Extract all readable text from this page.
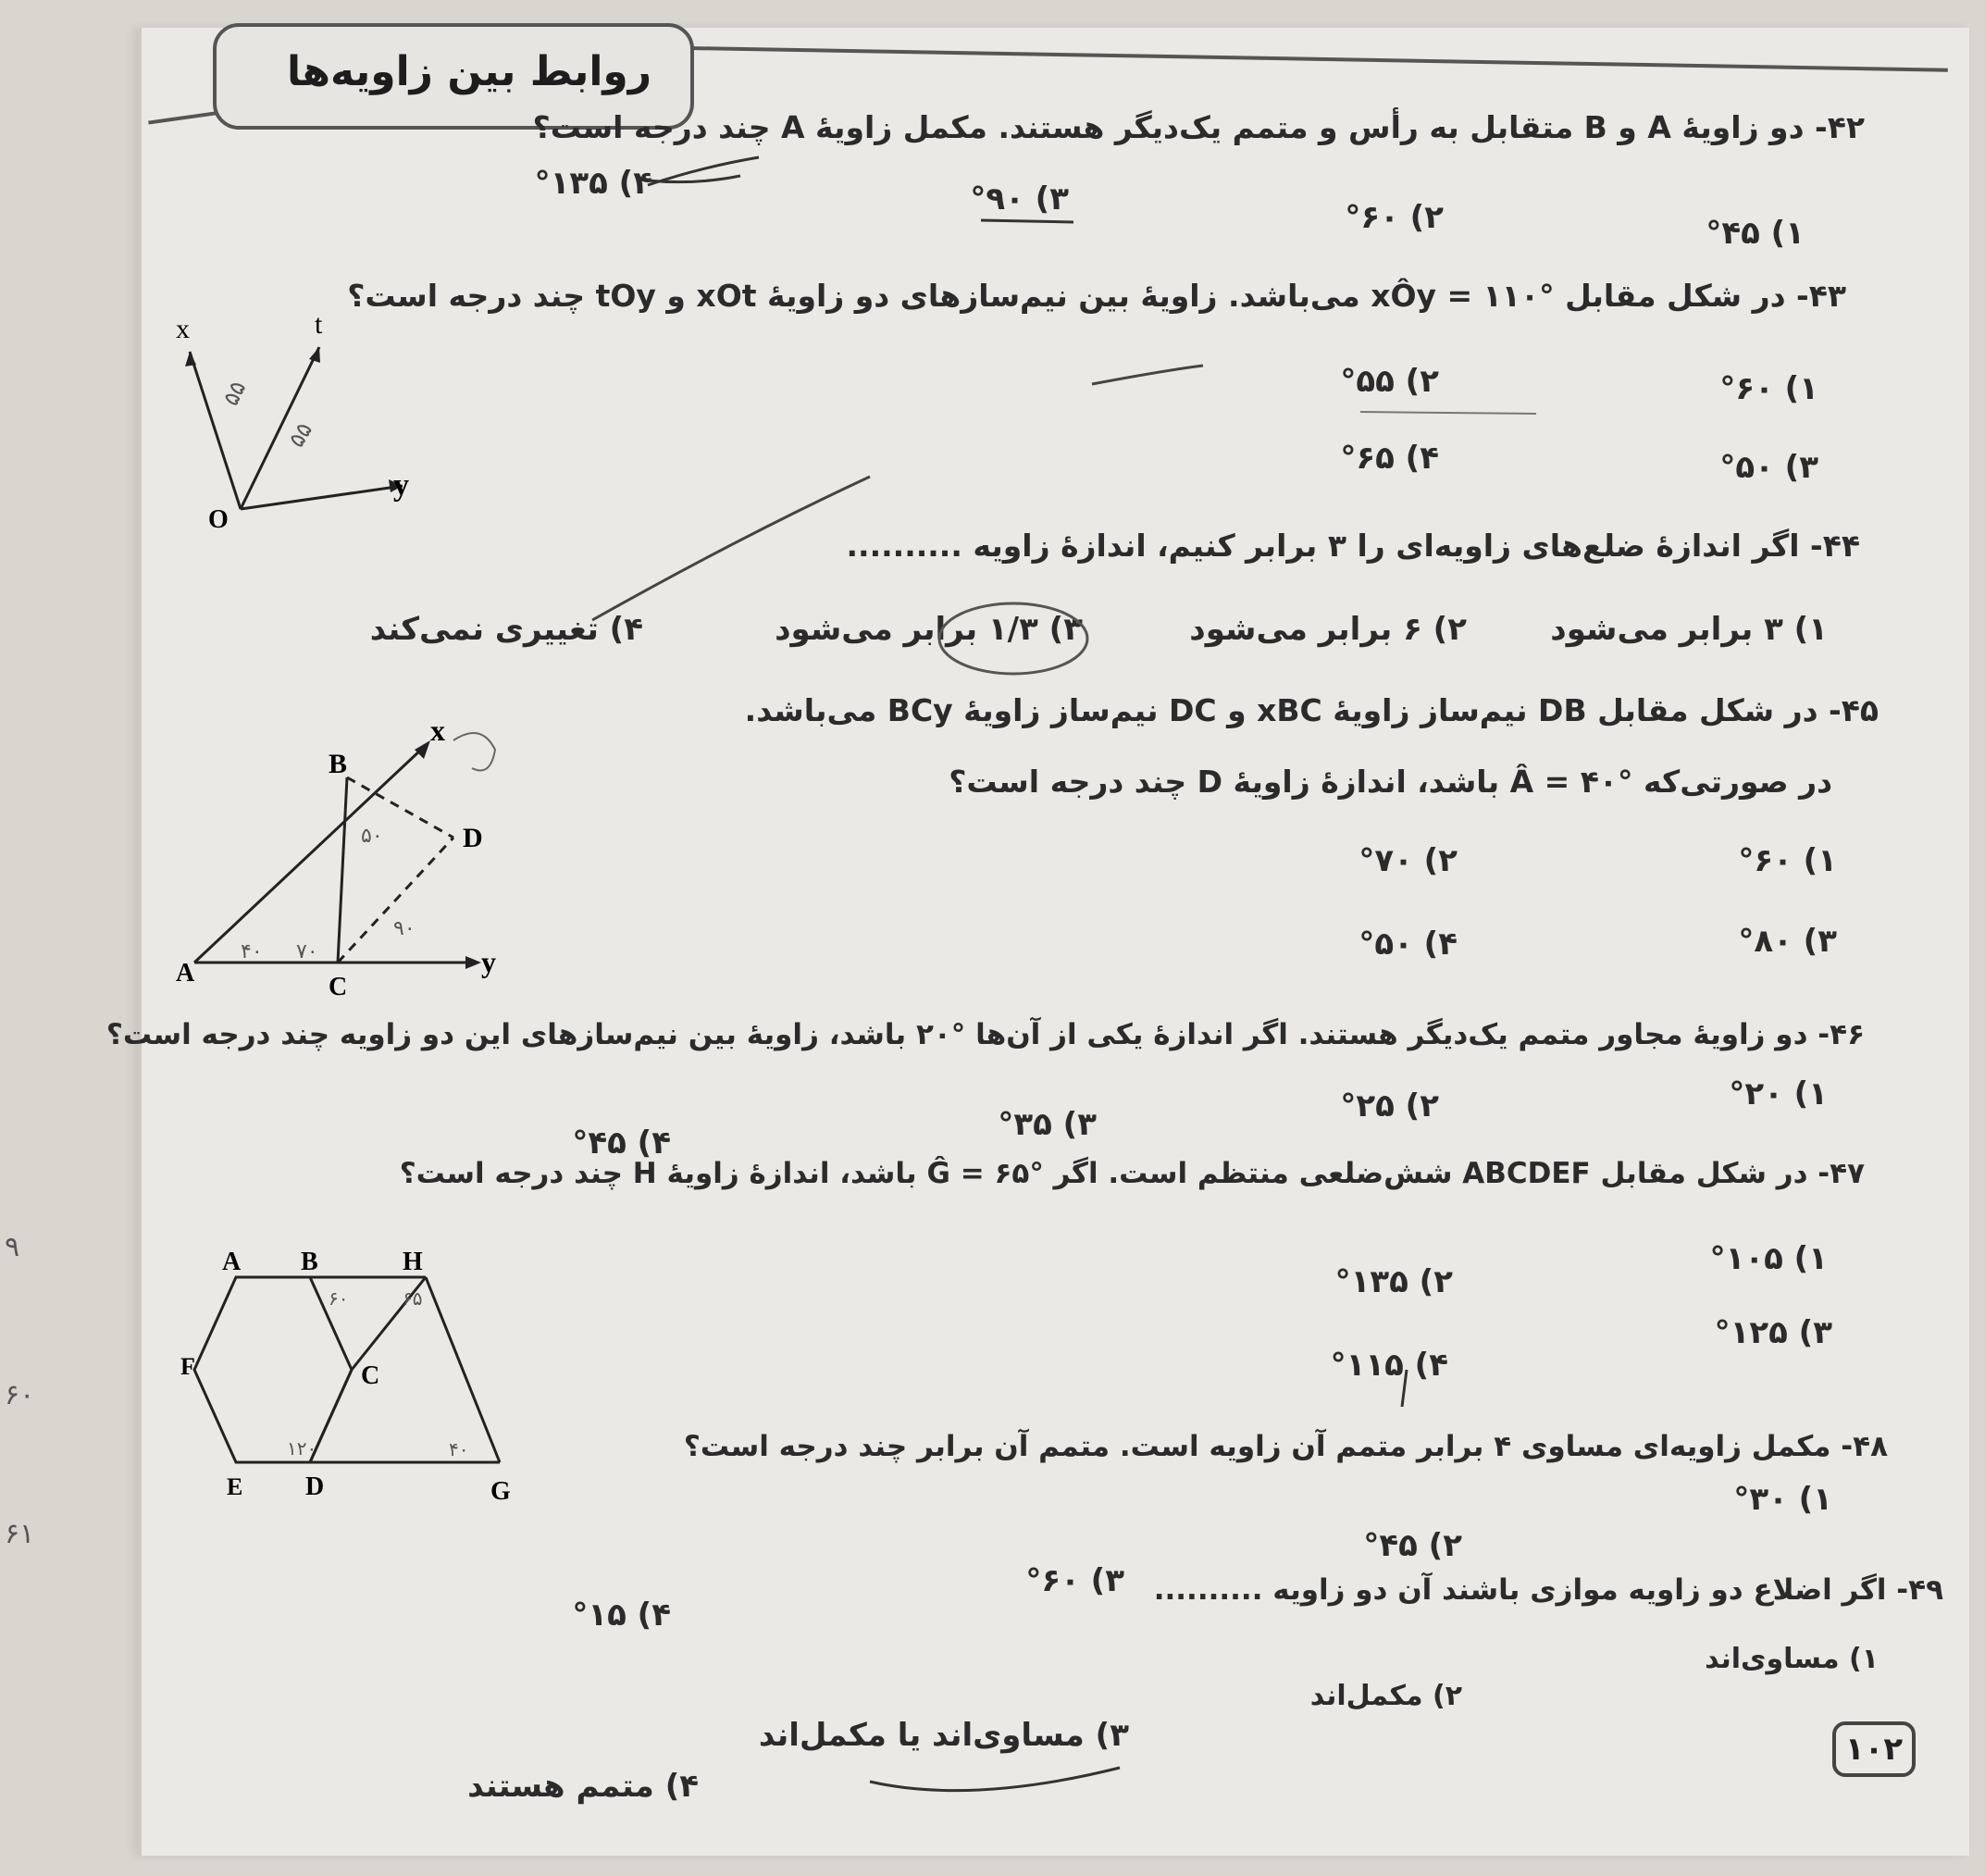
۹
۶۰
۶۱
روابط بین زاویه‌ها
۴۲- دو زاویهٔ A و B متقابل به رأس و متمم یک‌دیگر هستند. مکمل زاویهٔ A چند درجه است؟
۱) °۴۵
۲) °۶۰
۳) °۹۰
۴) °۱۳۵
۴۳- در شکل مقابل °xÔy = ۱۱۰ می‌باشد. زاویهٔ بین نیم‌سازهای دو زاویهٔ xOt و tOy چند درجه است؟
۱) °۶۰
۲) °۵۵
۳) °۵۰
۴) °۶۵
۴۴- اگر اندازهٔ ضلع‌های زاویه‌ای را ۳ برابر کنیم، اندازهٔ زاویه ..........
۱) ۳ برابر می‌شود
۲) ۶ برابر می‌شود
۳) ۱/۳ برابر می‌شود
۴) تغییری نمی‌کند
۴۵- در شکل مقابل DB نیم‌ساز زاویهٔ xBC و DC نیم‌ساز زاویهٔ BCy می‌باشد.
در صورتی‌که °Â = ۴۰ باشد، اندازهٔ زاویهٔ D چند درجه است؟
۱) °۶۰
۲) °۷۰
۳) °۸۰
۴) °۵۰
۴۶- دو زاویهٔ مجاور متمم یک‌دیگر هستند. اگر اندازهٔ یکی از آن‌ها °۲۰ باشد، زاویهٔ بین نیم‌سازهای این دو زاویه چند درجه است؟
۱) °۲۰
۲) °۲۵
۳) °۳۵
۴) °۴۵
۴۷- در شکل مقابل ABCDEF شش‌ضلعی منتظم است. اگر °Ĝ = ۶۵ باشد، اندازهٔ زاویهٔ H چند درجه است؟
۱) °۱۰۵
۲) °۱۳۵
۳) °۱۲۵
۴) °۱۱۵
۴۸- مکمل زاویه‌ای مساوی ۴ برابر متمم آن زاویه است. متمم آن برابر چند درجه است؟
۱) °۳۰
۲) °۴۵
۳) °۶۰
۴) °۱۵
۴۹- اگر اضلاع دو زاویه موازی باشند آن دو زاویه ..........
۱) مساوی‌اند
۲) مکمل‌اند
۳) مساوی‌اند یا مکمل‌اند
۴) متمم هستند
x	t
y
O
۵۵
۵۵
x
B
D
A	C
y
۴۰ ۷۰
۹۰
۵۰
A B	H
F	C
E D	G
۶۰	۶۵
۴۰
۱۲۰
۱۰۲
